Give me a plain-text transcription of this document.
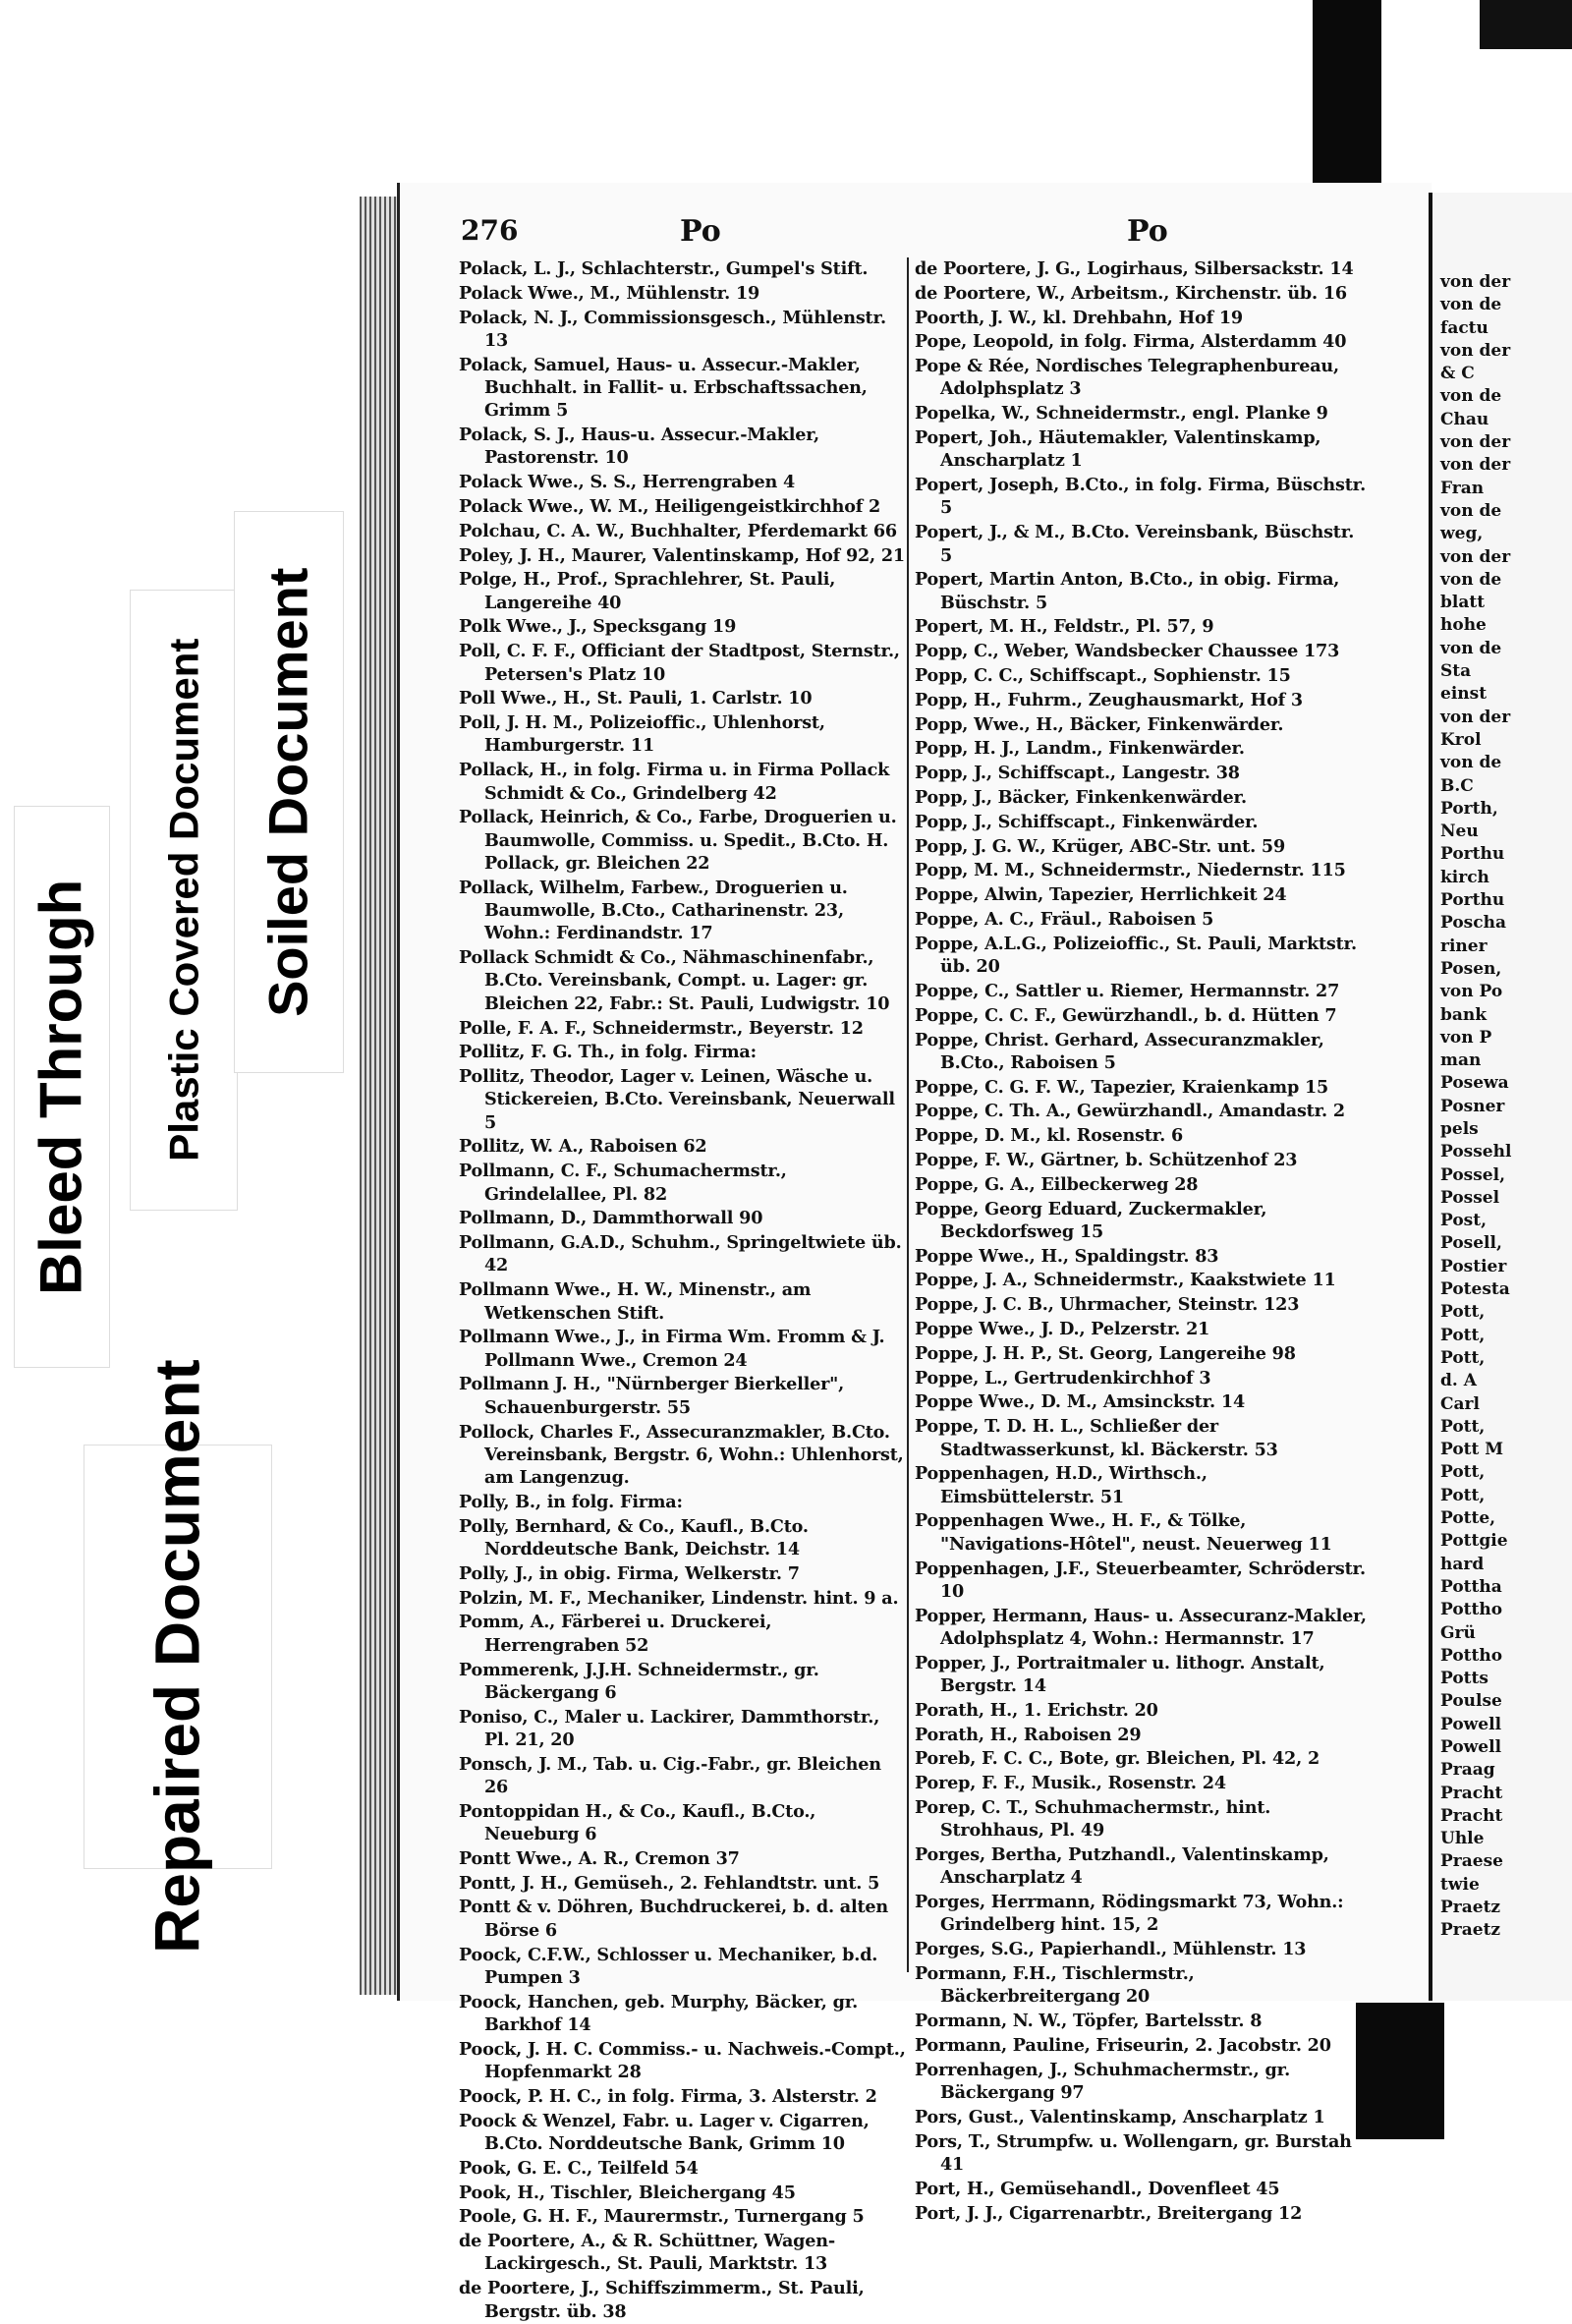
Bleed Through Plastic Covered Document Soiled Document
Repaired Document
276	Po	Po
Polack, L. J., Schlachterstr., Gumpel's Stift.
Polack Wwe., M., Mühlenstr. 19
Polack, N. J., Commissionsgesch., Mühlenstr. 13
Polack, Samuel, Haus- u. Assecur.-Makler, Buchhalt. in Fallit- u. Erbschaftssachen, Grimm 5
Polack, S. J., Haus-u. Assecur.-Makler, Pastorenstr. 10
Polack Wwe., S. S., Herrengraben 4
Polack Wwe., W. M., Heiligengeistkirchhof 2
Polchau, C. A. W., Buchhalter, Pferdemarkt 66
Poley, J. H., Maurer, Valentinskamp, Hof 92, 21
Polge, H., Prof., Sprachlehrer, St. Pauli, Langereihe 40
Polk Wwe., J., Specksgang 19
Poll, C. F. F., Officiant der Stadtpost, Sternstr., Petersen's Platz 10
Poll Wwe., H., St. Pauli, 1. Carlstr. 10
Poll, J. H. M., Polizeioffic., Uhlenhorst, Hamburgerstr. 11
Pollack, H., in folg. Firma u. in Firma Pollack Schmidt & Co., Grindelberg 42
Pollack, Heinrich, & Co., Farbe, Droguerien u. Baumwolle, Commiss. u. Spedit., B.Cto. H. Pollack, gr. Bleichen 22
Pollack, Wilhelm, Farbew., Droguerien u. Baumwolle, B.Cto., Catharinenstr. 23, Wohn.: Ferdinandstr. 17
Pollack Schmidt & Co., Nähmaschinenfabr., B.Cto. Vereinsbank, Compt. u. Lager: gr. Bleichen 22, Fabr.: St. Pauli, Ludwigstr. 10
Polle, F. A. F., Schneidermstr., Beyerstr. 12
Pollitz, F. G. Th., in folg. Firma:
Pollitz, Theodor, Lager v. Leinen, Wäsche u. Stickereien, B.Cto. Vereinsbank, Neuerwall 5
Pollitz, W. A., Raboisen 62
Pollmann, C. F., Schumachermstr., Grindelallee, Pl. 82
Pollmann, D., Dammthorwall 90
Pollmann, G.A.D., Schuhm., Springeltwiete üb. 42
Pollmann Wwe., H. W., Minenstr., am Wetkenschen Stift.
Pollmann Wwe., J., in Firma Wm. Fromm & J. Pollmann Wwe., Cremon 24
Pollmann J. H., "Nürnberger Bierkeller", Schauenburgerstr. 55
Pollock, Charles F., Assecuranzmakler, B.Cto. Vereinsbank, Bergstr. 6, Wohn.: Uhlenhorst, am Langenzug.
Polly, B., in folg. Firma:
Polly, Bernhard, & Co., Kaufl., B.Cto. Norddeutsche Bank, Deichstr. 14
Polly, J., in obig. Firma, Welkerstr. 7
Polzin, M. F., Mechaniker, Lindenstr. hint. 9 a.
Pomm, A., Färberei u. Druckerei, Herrengraben 52
Pommerenk, J.J.H. Schneidermstr., gr. Bäckergang 6
Poniso, C., Maler u. Lackirer, Dammthorstr., Pl. 21, 20
Ponsch, J. M., Tab. u. Cig.-Fabr., gr. Bleichen 26
Pontoppidan H., & Co., Kaufl., B.Cto., Neueburg 6
Pontt Wwe., A. R., Cremon 37
Pontt, J. H., Gemüseh., 2. Fehlandtstr. unt. 5
Pontt & v. Döhren, Buchdruckerei, b. d. alten Börse 6
Poock, C.F.W., Schlosser u. Mechaniker, b.d. Pumpen 3
Poock, Hanchen, geb. Murphy, Bäcker, gr. Barkhof 14
Poock, J. H. C. Commiss.- u. Nachweis.-Compt., Hopfenmarkt 28
Poock, P. H. C., in folg. Firma, 3. Alsterstr. 2
Poock & Wenzel, Fabr. u. Lager v. Cigarren, B.Cto. Norddeutsche Bank, Grimm 10
Pook, G. E. C., Teilfeld 54
Pook, H., Tischler, Bleichergang 45
Poole, G. H. F., Maurermstr., Turnergang 5
de Poortere, A., & R. Schüttner, Wagen-Lackirgesch., St. Pauli, Marktstr. 13
de Poortere, J., Schiffszimmerm., St. Pauli, Bergstr. üb. 38
de Poortere, J. G., Logirhaus, Silbersackstr. 14
de Poortere, W., Arbeitsm., Kirchenstr. üb. 16
Poorth, J. W., kl. Drehbahn, Hof 19
Pope, Leopold, in folg. Firma, Alsterdamm 40
Pope & Rée, Nordisches Telegraphenbureau, Adolphsplatz 3
Popelka, W., Schneidermstr., engl. Planke 9
Popert, Joh., Häutemakler, Valentinskamp, Anscharplatz 1
Popert, Joseph, B.Cto., in folg. Firma, Büschstr. 5
Popert, J., & M., B.Cto. Vereinsbank, Büschstr. 5
Popert, Martin Anton, B.Cto., in obig. Firma, Büschstr. 5
Popert, M. H., Feldstr., Pl. 57, 9
Popp, C., Weber, Wandsbecker Chaussee 173
Popp, C. C., Schiffscapt., Sophienstr. 15
Popp, H., Fuhrm., Zeughausmarkt, Hof 3
Popp, Wwe., H., Bäcker, Finkenwärder.
Popp, H. J., Landm., Finkenwärder.
Popp, J., Schiffscapt., Langestr. 38
Popp, J., Bäcker, Finkenkenwärder.
Popp, J., Schiffscapt., Finkenwärder.
Popp, J. G. W., Krüger, ABC-Str. unt. 59
Popp, M. M., Schneidermstr., Niedernstr. 115
Poppe, Alwin, Tapezier, Herrlichkeit 24
Poppe, A. C., Fräul., Raboisen 5
Poppe, A.L.G., Polizeioffic., St. Pauli, Marktstr. üb. 20
Poppe, C., Sattler u. Riemer, Hermannstr. 27
Poppe, C. C. F., Gewürzhandl., b. d. Hütten 7
Poppe, Christ. Gerhard, Assecuranzmakler, B.Cto., Raboisen 5
Poppe, C. G. F. W., Tapezier, Kraienkamp 15
Poppe, C. Th. A., Gewürzhandl., Amandastr. 2
Poppe, D. M., kl. Rosenstr. 6
Poppe, F. W., Gärtner, b. Schützenhof 23
Poppe, G. A., Eilbeckerweg 28
Poppe, Georg Eduard, Zuckermakler, Beckdorfsweg 15
Poppe Wwe., H., Spaldingstr. 83
Poppe, J. A., Schneidermstr., Kaakstwiete 11
Poppe, J. C. B., Uhrmacher, Steinstr. 123
Poppe Wwe., J. D., Pelzerstr. 21
Poppe, J. H. P., St. Georg, Langereihe 98
Poppe, L., Gertrudenkirchhof 3
Poppe Wwe., D. M., Amsinckstr. 14
Poppe, T. D. H. L., Schließer der Stadtwasserkunst, kl. Bäckerstr. 53
Poppenhagen, H.D., Wirthsch., Eimsbüttelerstr. 51
Poppenhagen Wwe., H. F., & Tölke, "Navigations-Hôtel", neust. Neuerweg 11
Poppenhagen, J.F., Steuerbeamter, Schröderstr. 10
Popper, Hermann, Haus- u. Assecuranz-Makler, Adolphsplatz 4, Wohn.: Hermannstr. 17
Popper, J., Portraitmaler u. lithogr. Anstalt, Bergstr. 14
Porath, H., 1. Erichstr. 20
Porath, H., Raboisen 29
Poreb, F. C. C., Bote, gr. Bleichen, Pl. 42, 2
Porep, F. F., Musik., Rosenstr. 24
Porep, C. T., Schuhmachermstr., hint. Strohhaus, Pl. 49
Porges, Bertha, Putzhandl., Valentinskamp, Anscharplatz 4
Porges, Herrmann, Rödingsmarkt 73, Wohn.: Grindelberg hint. 15, 2
Porges, S.G., Papierhandl., Mühlenstr. 13
Pormann, F.H., Tischlermstr., Bäckerbreitergang 20
Pormann, N. W., Töpfer, Bartelsstr. 8
Pormann, Pauline, Friseurin, 2. Jacobstr. 20
Porrenhagen, J., Schuhmachermstr., gr. Bäckergang 97
Pors, Gust., Valentinskamp, Anscharplatz 1
Pors, T., Strumpfw. u. Wollengarn, gr. Burstah 41
Port, H., Gemüsehandl., Dovenfleet 45
Port, J. J., Cigarrenarbtr., Breitergang 12
von der
von de
factu
von der
& C
von de
Chau
von der
von der
Fran
von de
weg,
von der
von de
blatt
hohe
von de
Sta
einst
von der
Krol
von de
B.C
Porth,
Neu
Porthu
kirch
Porthu
Poscha
riner
Posen,
von Po
bank
von P
man
Posewa
Posner
pels
Possehl
Possel,
Possel
Post,
Posell,
Postier
Potesta
Pott,
Pott,
Pott,
d. A
Carl
Pott,
Pott M
Pott,
Pott,
Potte,
Pottgie
hard
Pottha
Pottho
Grü
Pottho
Potts
Poulse
Powell
Powell
Praag
Pracht
Pracht
Uhle
Praese
twie
Praetz
Praetz
